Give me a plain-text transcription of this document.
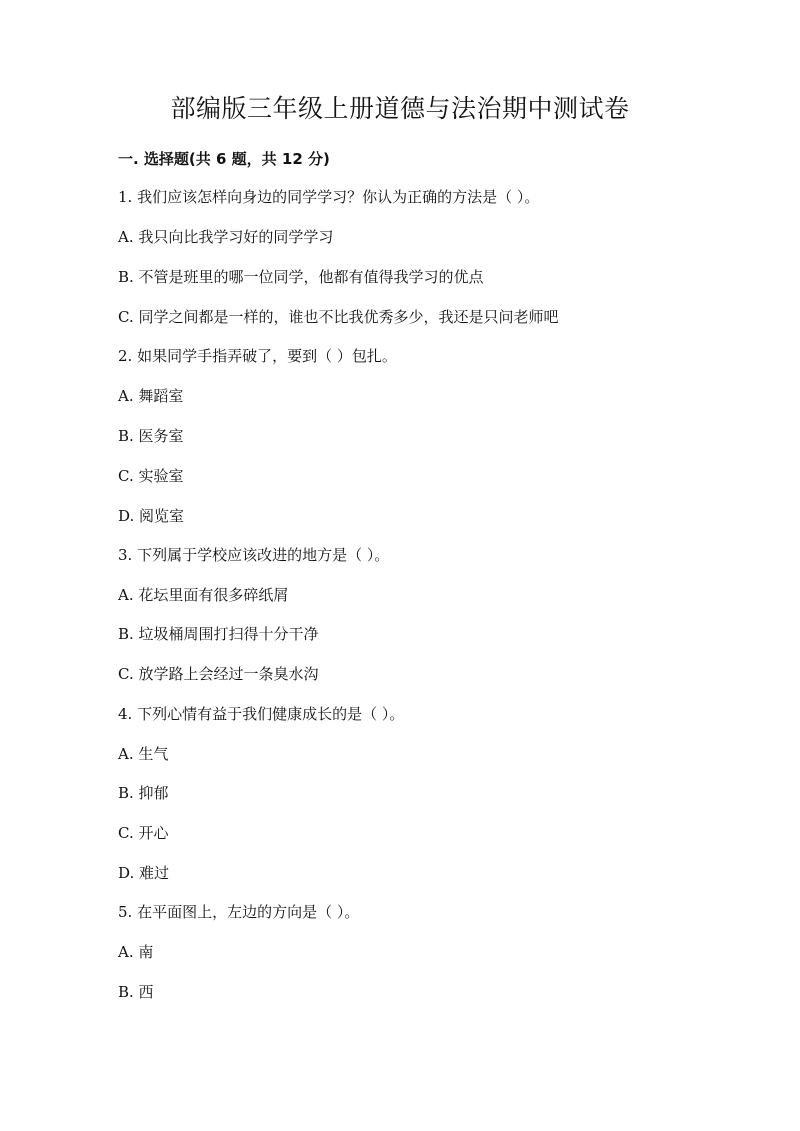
部编版三年级上册道德与法治期中测试卷
一. 选择题(共 6 题，共 12 分)
1. 我们应该怎样向身边的同学学习？你认为正确的方法是（ ）。
A. 我只向比我学习好的同学学习
B. 不管是班里的哪一位同学，他都有值得我学习的优点
C. 同学之间都是一样的，谁也不比我优秀多少，我还是只问老师吧
2. 如果同学手指弄破了，要到（ ）包扎。
A. 舞蹈室
B. 医务室
C. 实验室
D. 阅览室
3. 下列属于学校应该改进的地方是（ ）。
A. 花坛里面有很多碎纸屑
B. 垃圾桶周围打扫得十分干净
C. 放学路上会经过一条臭水沟
4. 下列心情有益于我们健康成长的是（ ）。
A. 生气
B. 抑郁
C. 开心
D. 难过
5. 在平面图上，左边的方向是（ ）。
A. 南
B. 西
